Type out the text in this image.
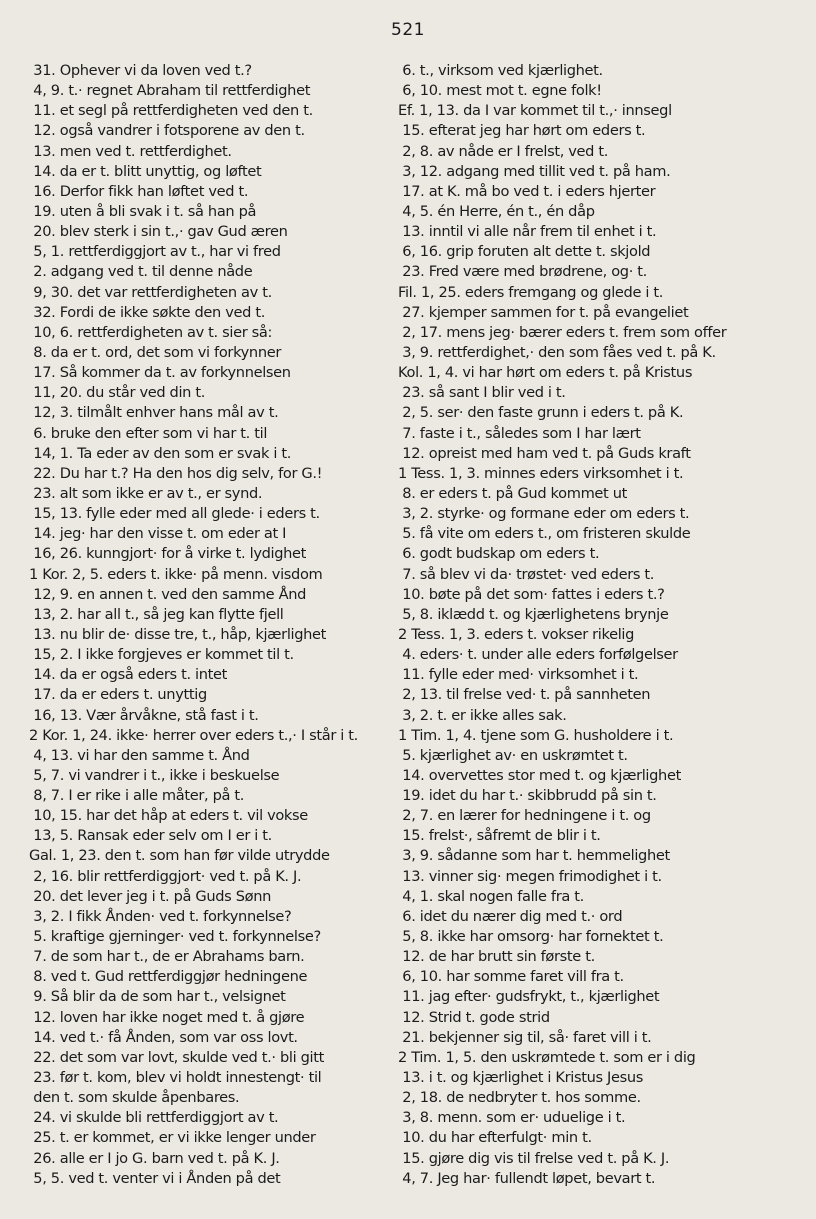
521
31. Ophever vi da loven ved t.?
4, 9. t.· regnet Abraham til rettferdighet
11. et segl på rettferdigheten ved den t.
12. også vandrer i fotsporene av den t.
13. men ved t. rettferdighet.
14. da er t. blitt unyttig, og løftet
16. Derfor fikk han løftet ved t.
19. uten å bli svak i t. så han på
20. blev sterk i sin t.,· gav Gud æren
5, 1. rettferdiggjort av t., har vi fred
2. adgang ved t. til denne nåde
9, 30. det var rettferdigheten av t.
32. Fordi de ikke søkte den ved t.
10, 6. rettferdigheten av t. sier så:
8. da er t. ord, det som vi forkynner
17. Så kommer da t. av forkynnelsen
11, 20. du står ved din t.
12, 3. tilmålt enhver hans mål av t.
6. bruke den efter som vi har t. til
14, 1. Ta eder av den som er svak i t.
22. Du har t.? Ha den hos dig selv, for G.!
23. alt som ikke er av t., er synd.
15, 13. fylle eder med all glede· i eders t.
14. jeg· har den visse t. om eder at I
16, 26. kunngjort· for å virke t. lydighet
1 Kor. 2, 5. eders t. ikke· på menn. visdom
12, 9. en annen t. ved den samme Ånd
13, 2. har all t., så jeg kan flytte fjell
13. nu blir de· disse tre, t., håp, kjærlighet
15, 2. I ikke forgjeves er kommet til t.
14. da er også eders t. intet
17. da er eders t. unyttig
16, 13. Vær årvåkne, stå fast i t.
2 Kor. 1, 24. ikke· herrer over eders t.,· I står i t.
4, 13. vi har den samme t. Ånd
5, 7. vi vandrer i t., ikke i beskuelse
8, 7. I er rike i alle måter, på t.
10, 15. har det håp at eders t. vil vokse
13, 5. Ransak eder selv om I er i t.
Gal. 1, 23. den t. som han før vilde utrydde
2, 16. blir rettferdiggjort· ved t. på K. J.
20. det lever jeg i t. på Guds Sønn
3, 2. I fikk Ånden· ved t. forkynnelse?
5. kraftige gjerninger· ved t. forkynnelse?
7. de som har t., de er Abrahams barn.
8. ved t. Gud rettferdiggjør hedningene
9. Så blir da de som har t., velsignet
12. loven har ikke noget med t. å gjøre
14. ved t.· få Ånden, som var oss lovt.
22. det som var lovt, skulde ved t.· bli gitt
23. før t. kom, blev vi holdt innestengt· til
den t. som skulde åpenbares.
24. vi skulde bli rettferdiggjort av t.
25. t. er kommet, er vi ikke lenger under
26. alle er I jo G. barn ved t. på K. J.
5, 5. ved t. venter vi i Ånden på det
6. t., virksom ved kjærlighet.
6, 10. mest mot t. egne folk!
Ef. 1, 13. da I var kommet til t.,· innsegl
15. efterat jeg har hørt om eders t.
2, 8. av nåde er I frelst, ved t.
3, 12. adgang med tillit ved t. på ham.
17. at K. må bo ved t. i eders hjerter
4, 5. én Herre, én t., én dåp
13. inntil vi alle når frem til enhet i t.
6, 16. grip foruten alt dette t. skjold
23. Fred være med brødrene, og· t.
Fil. 1, 25. eders fremgang og glede i t.
27. kjemper sammen for t. på evangeliet
2, 17. mens jeg· bærer eders t. frem som offer
3, 9. rettferdighet,· den som fåes ved t. på K.
Kol. 1, 4. vi har hørt om eders t. på Kristus
23. så sant I blir ved i t.
2, 5. ser· den faste grunn i eders t. på K.
7. faste i t., således som I har lært
12. opreist med ham ved t. på Guds kraft
1 Tess. 1, 3. minnes eders virksomhet i t.
8. er eders t. på Gud kommet ut
3, 2. styrke· og formane eder om eders t.
5. få vite om eders t., om fristeren skulde
6. godt budskap om eders t.
7. så blev vi da· trøstet· ved eders t.
10. bøte på det som· fattes i eders t.?
5, 8. iklædd t. og kjærlighetens brynje
2 Tess. 1, 3. eders t. vokser rikelig
4. eders· t. under alle eders forfølgelser
11. fylle eder med· virksomhet i t.
2, 13. til frelse ved· t. på sannheten
3, 2. t. er ikke alles sak.
1 Tim. 1, 4. tjene som G. husholdere i t.
5. kjærlighet av· en uskrømtet t.
14. overvettes stor med t. og kjærlighet
19. idet du har t.· skibbrudd på sin t.
2, 7. en lærer for hedningene i t. og
15. frelst·, såfremt de blir i t.
3, 9. sådanne som har t. hemmelighet
13. vinner sig· megen frimodighet i t.
4, 1. skal nogen falle fra t.
6. idet du nærer dig med t.· ord
5, 8. ikke har omsorg· har fornektet t.
12. de har brutt sin første t.
6, 10. har somme faret vill fra t.
11. jag efter· gudsfrykt, t., kjærlighet
12. Strid t. gode strid
21. bekjenner sig til, så· faret vill i t.
2 Tim. 1, 5. den uskrømtede t. som er i dig
13. i t. og kjærlighet i Kristus Jesus
2, 18. de nedbryter t. hos somme.
3, 8. menn. som er· uduelige i t.
10. du har efterfulgt· min t.
15. gjøre dig vis til frelse ved t. på K. J.
4, 7. Jeg har· fullendt løpet, bevart t.
